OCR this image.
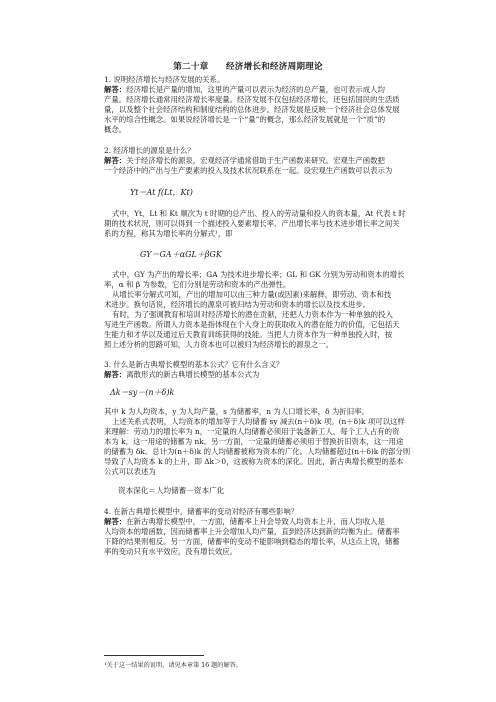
第二十章　　经济增长和经济周期理论
1. 说明经济增长与经济发展的关系。
解答：经济增长是产量的增加，这里的产量可以表示为经济的总产量，也可表示成人均
产量。经济增长通常用经济增长率度量。经济发展不仅包括经济增长，还包括国民的生活质
量，以及整个社会经济结构和制度结构的总体进步。经济发展是反映一个经济社会总体发展
水平的综合性概念。如果说经济增长是一个“量”的概念，那么经济发展就是一个“质”的
概念。
2. 经济增长的源泉是什么？
解答：关于经济增长的源泉，宏观经济学通常借助于生产函数来研究。宏观生产函数把
一个经济中的产出与生产要素的投入及技术状况联系在一起。设宏观生产函数可以表示为
Yt＝At f(Lt，Kt)
式中，Yt、Lt 和 Kt 顺次为 t 时期的总产出、投入的劳动量和投入的资本量，At 代表 t 时
期的技术状况，则可以得到一个描述投入要素增长率、产出增长率与技术进步增长率之间关
系的方程，称其为增长率的分解式¹，即
GY＝GA＋αGL＋βGK
式中，GY 为产出的增长率；GA 为技术进步增长率；GL 和 GK 分别为劳动和资本的增长
率，α 和 β 为参数，它们分别是劳动和资本的产出弹性。
从增长率分解式可知，产出的增加可以由三种力量(或因素)来解释，即劳动、资本和技
术进步。换句话说，经济增长的源泉可被归结为劳动和资本的增长以及技术进步。
有时，为了强调教育和培训对经济增长的潜在贡献，还把人力资本作为一种单独的投入
写进生产函数。所谓人力资本是指体现在个人身上的获取收入的潜在能力的价值，它包括天
生能力和才华以及通过后天教育训练获得的技能。当把人力资本作为一种单独投入时，按
照上述分析的思路可知，人力资本也可以被归为经济增长的源泉之一。
3. 什么是新古典增长模型的基本公式？它有什么含义？
解答：离散形式的新古典增长模型的基本公式为
Δk＝sy－(n＋δ)k
其中 k 为人均资本，y 为人均产量，s 为储蓄率，n 为人口增长率，δ 为折旧率。
上述关系式表明，人均资本的增加等于人均储蓄 sy 减去(n＋δ)k 项。(n＋δ)k 项可以这样
来理解：劳动力的增长率为 n，一定量的人均储蓄必须用于装备新工人，每个工人占有的资
本为 k，这一用途的储蓄为 nk。另一方面，一定量的储蓄必须用于替换折旧资本，这一用途
的储蓄为 δk。总计为(n＋δ)k 的人均储蓄被称为资本的广化。人均储蓄超过(n＋δ)k 的部分则
导致了人均资本 k 的上升，即 Δk＞0，这被称为资本的深化。因此，新古典增长模型的基本
公式可以表述为
资本深化＝人均储蓄－资本广化
4. 在新古典增长模型中，储蓄率的变动对经济有哪些影响？
解答：在新古典增长模型中，一方面，储蓄率上升会导致人均资本上升，而人均收入是
人均资本的增函数，因而储蓄率上升会增加人均产量，直到经济达到新的均衡为止。储蓄率
下降的结果则相反。另一方面，储蓄率的变动不能影响到稳态的增长率，从这点上说，储蓄
率的变动只有水平效应，没有增长效应。
¹关于这一结果的说明，请见本章第 16 题的解答。
